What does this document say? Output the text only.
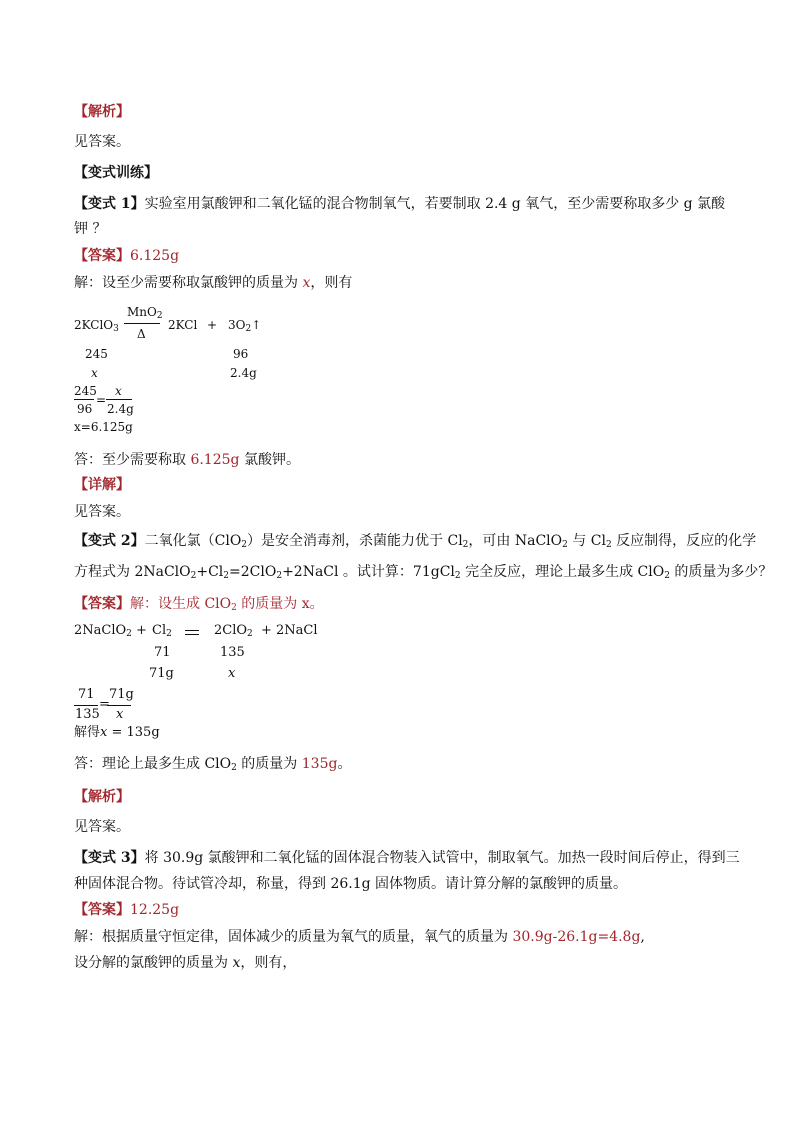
【解析】
见答案。
【变式训练】
【变式 1】实验室用氯酸钾和二氧化锰的混合物制氧气，若要制取 2.4 g 氧气，至少需要称取多少 g 氯酸
钾 ？
【答案】6.125g
解：设至少需要称取氯酸钾的质量为 x，则有
2KClO$_3$
MnO$_2$
Δ
$2KCl + 3O_2↑$
245	96
x	2.4g
245
96
=
x
2.4g
x=6.125g
答：至少需要称取 6.125g 氯酸钾。
【详解】
见答案。
【变式 2】二氧化氯（ClO$_2$）是安全消毒剂，杀菌能力优于 $Cl_2$，可由 NaClO$_2$ 与 $Cl_2$ 反应制得，反应的化学
方程式为 $2NaClO_2+Cl_2=2ClO_2+2NaCl$ 。试计算：71gCl$_2$ 完全反应，理论上最多生成 ClO$_2$ 的质量为多少？
【答案】解：设生成 ClO$_2$ 的质量为 x。
2NaClO$_2$ + $Cl_2$	2ClO$_2$ + 2NaCl
71	135
71g	x
71
135
=
71g
x
解得x = 135g
答：理论上最多生成 ClO$_2$ 的质量为 135g。
【解析】
见答案。
【变式 3】将 30.9g 氯酸钾和二氧化锰的固体混合物装入试管中，制取氧气。加热一段时间后停止，得到三
种固体混合物。待试管冷却，称量，得到 26.1g 固体物质。请计算分解的氯酸钾的质量。
【答案】12.25g
解：根据质量守恒定律，固体减少的质量为氧气的质量，氧气的质量为 30.9g-26.1g=4.8g,
设分解的氯酸钾的质量为 x，则有，
